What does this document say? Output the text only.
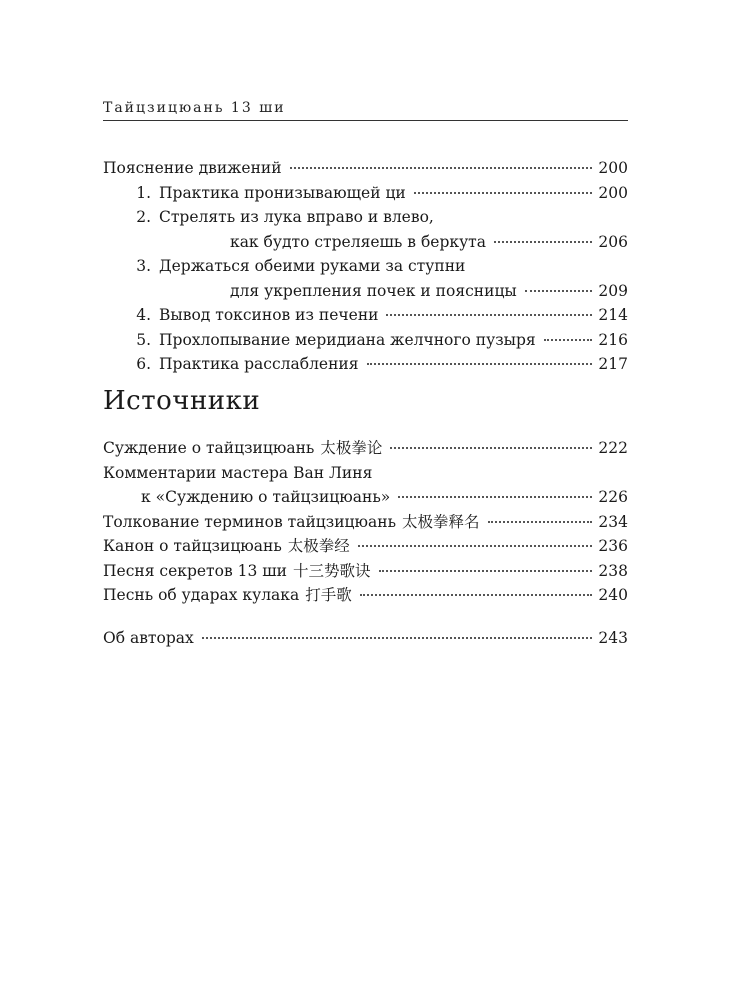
Тайцзицюань 13 ши
Пояснение движений	200
1. Практика пронизывающей ци	200
2. Стрелять из лука вправо и влево,
как будто стреляешь в беркута	206
3. Держаться обеими руками за ступни
для укрепления почек и поясницы	209
4. Вывод токсинов из печени	214
5. Прохлопывание меридиана желчного пузыря	216
6. Практика расслабления	217
Источники
Суждение о тайцзицюань 太极拳论	222
Комментарии мастера Ван Линя
к «Суждению о тайцзицюань»	226
Толкование терминов тайцзицюань 太极拳释名	234
Канон о тайцзицюань 太极拳经	236
Песня секретов 13 ши 十三势歌诀	238
Песнь об ударах кулака 打手歌	240
Об авторах	243
